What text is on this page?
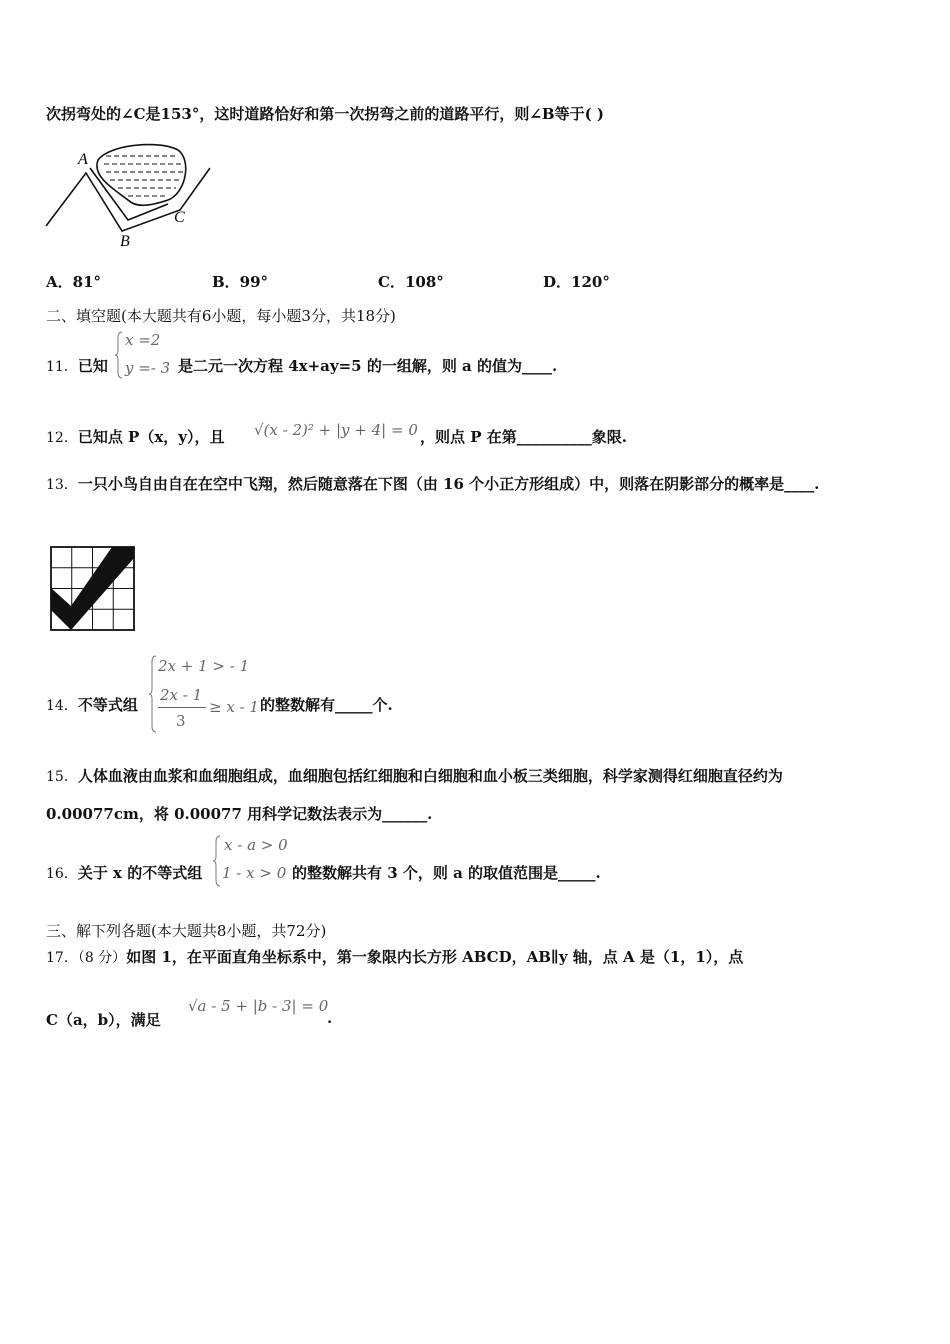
次拐弯处的∠C是153°，这时道路恰好和第一次拐弯之前的道路平行，则∠B等于( )
A
B
C
A．81°	B．99°	C．108°	D．120°
二、填空题(本大题共有6小题，每小题3分，共18分)
11．已知
x =2
y =- 3 是二元一次方程 4x+ay=5 的一组解，则 a 的值为____.
12．已知点 P（x，y），且 √(x - 2)² + |y + 4| = 0 ，则点 P 在第__________象限.
13．一只小鸟自由自在在空中飞翔，然后随意落在下图（由 16 个小正方形组成）中，则落在阴影部分的概率是____.
14．不等式组
2x + 1 > - 1
2x - 1
3
≥ x - 1 的整数解有_____个.
15．人体血液由血浆和血细胞组成，血细胞包括红细胞和白细胞和血小板三类细胞，科学家测得红细胞直径约为
0.00077cm，将 0.00077 用科学记数法表示为______.
16．关于 x 的不等式组
x - a > 0
1 - x > 0 的整数解共有 3 个，则 a 的取值范围是_____.
三、解下列各题(本大题共8小题，共72分)
17．（8 分）如图 1，在平面直角坐标系中，第一象限内长方形 ABCD，AB∥y 轴，点 A 是（1，1），点
C（a，b），满足
√a - 5 + |b - 3| = 0
.
